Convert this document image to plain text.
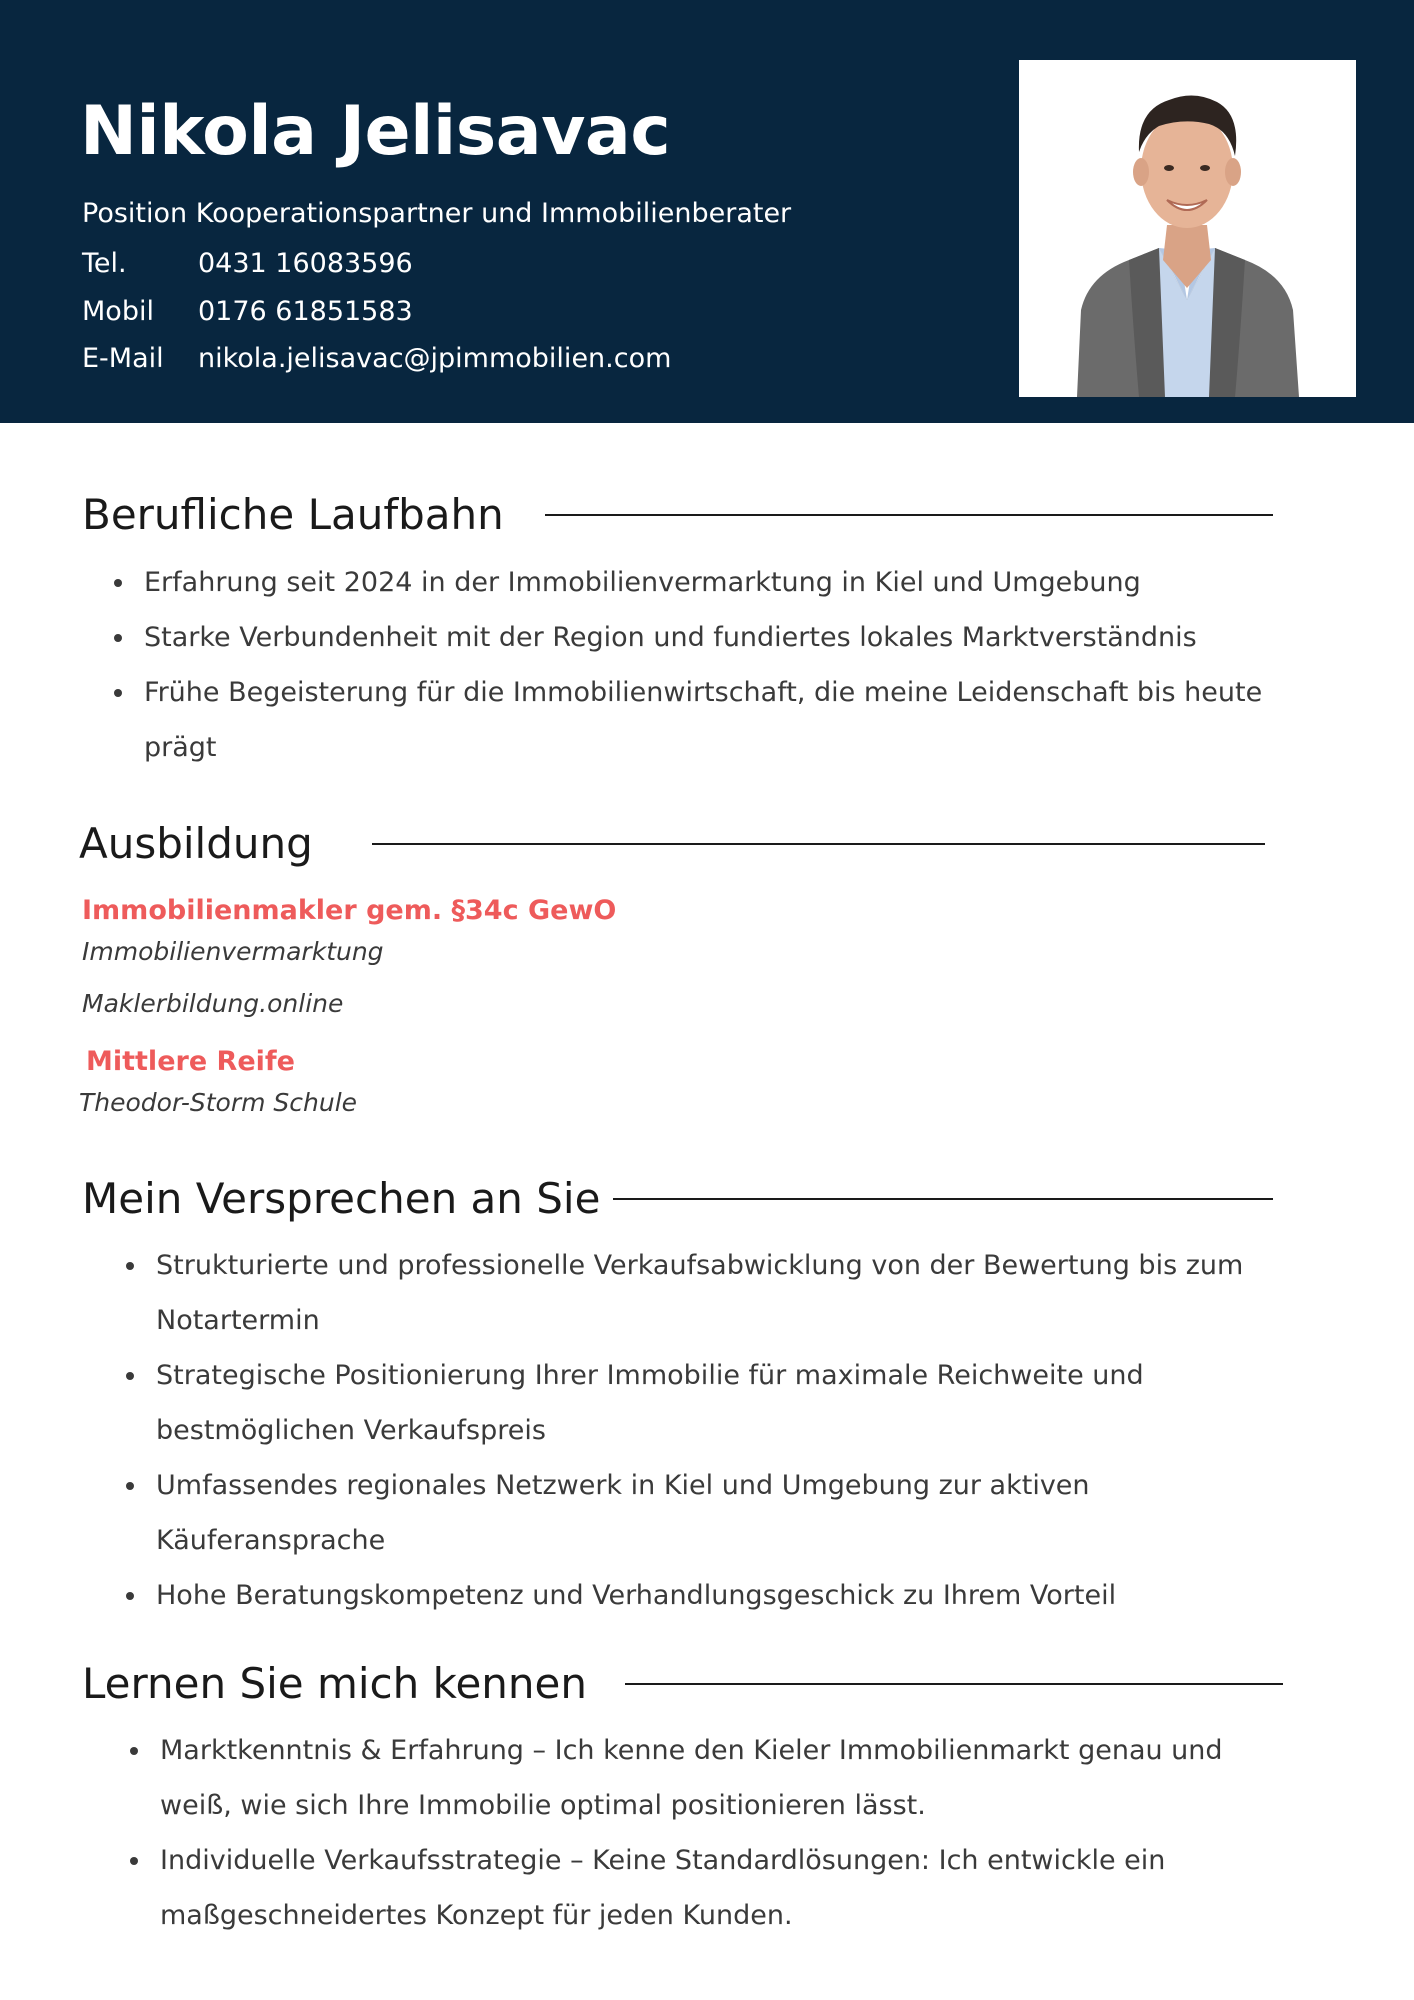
Nikola Jelisavac
Position Kooperationspartner und Immobilienberater
Tel.	0431 16083596
Mobil 0176 61851583
E-Mail nikola.jelisavac@jpimmobilien.com
Berufliche Laufbahn
Erfahrung seit 2024 in der Immobilienvermarktung in Kiel und Umgebung
Starke Verbundenheit mit der Region und fundiertes lokales Marktverständnis
Frühe Begeisterung für die Immobilienwirtschaft, die meine Leidenschaft bis heute prägt
Ausbildung
Immobilienmakler gem. §34c GewO
Immobilienvermarktung
Maklerbildung.online
Mittlere Reife
Theodor-Storm Schule
Mein Versprechen an Sie
Strukturierte und professionelle Verkaufsabwicklung von der Bewertung bis zum Notartermin
Strategische Positionierung Ihrer Immobilie für maximale Reichweite und bestmöglichen Verkaufspreis
Umfassendes regionales Netzwerk in Kiel und Umgebung zur aktiven Käuferansprache
Hohe Beratungskompetenz und Verhandlungsgeschick zu Ihrem Vorteil
Lernen Sie mich kennen
Marktkenntnis & Erfahrung – Ich kenne den Kieler Immobilienmarkt genau und weiß, wie sich Ihre Immobilie optimal positionieren lässt.
Individuelle Verkaufsstrategie – Keine Standardlösungen: Ich entwickle ein maßgeschneidertes Konzept für jeden Kunden.
